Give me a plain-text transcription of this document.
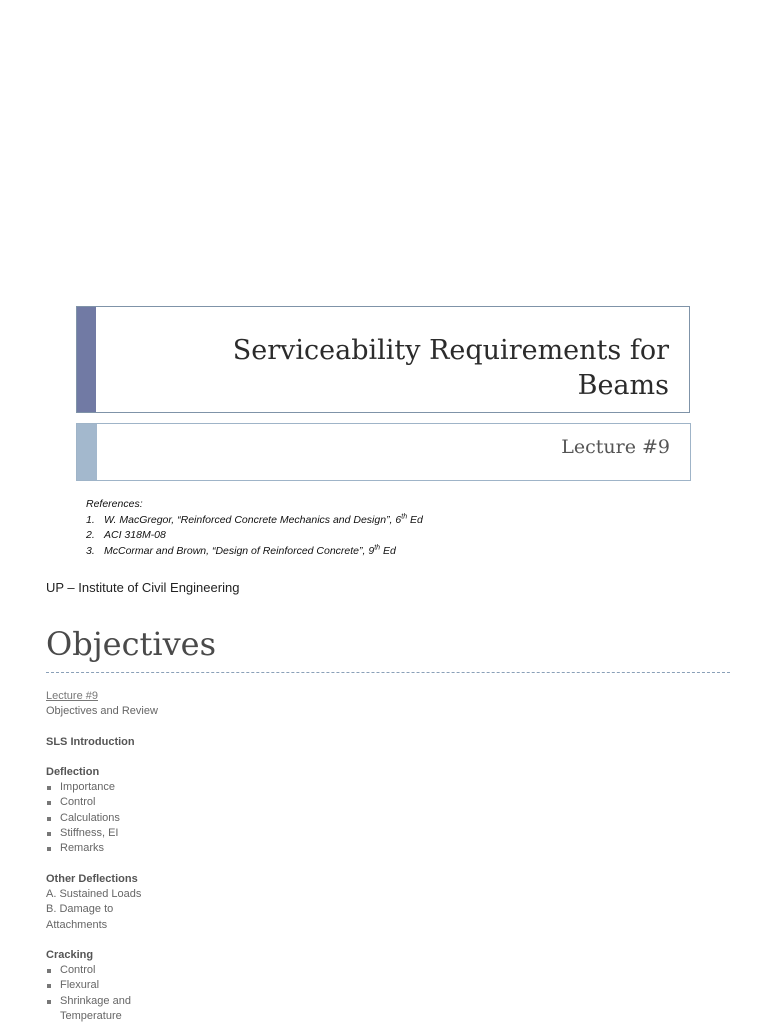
Serviceability Requirements for Beams
Lecture #9
References:
1. W. MacGregor, “Reinforced Concrete Mechanics and Design”, 6th Ed
2. ACI 318M-08
3. McCormar and Brown, “Design of Reinforced Concrete”, 9th Ed
UP – Institute of Civil Engineering
Objectives
Lecture #9
Objectives and Review
SLS Introduction
Deflection
Importance
Control
Calculations
Stiffness, EI
Remarks
Other Deflections
A. Sustained Loads
B. Damage to Attachments
Cracking
Control
Flexural
Shrinkage and Temperature
